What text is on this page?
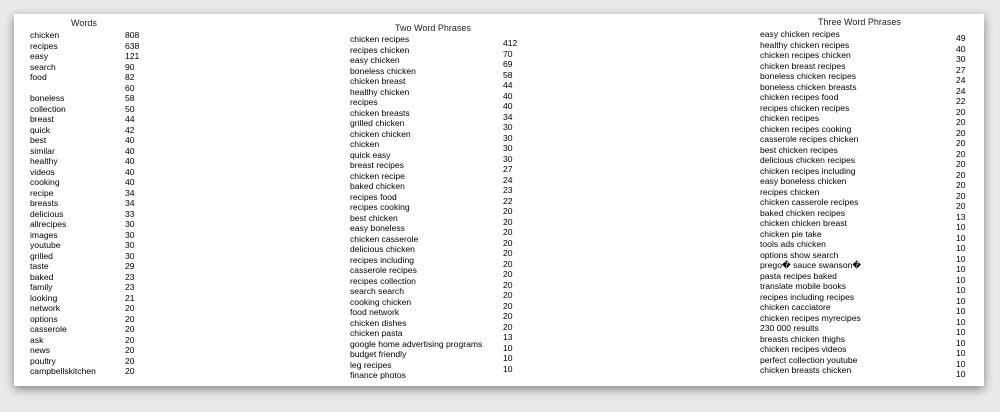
Words
chicken
recipes
easy
search
food
boneless
collection
breast
quick
best
similar
healthy
videos
cooking
recipe
breasts
delicious
allrecipes
images
youtube
grilled
taste
baked
family
looking
network
options
casserole
ask
news
poultry
campbellskitchen
808
638
121
90
82
60
58
50
44
42
40
40
40
40
40
34
34
33
30
30
30
30
29
23
23
21
20
20
20
20
20
20
20
Two Word Phrases
chicken recipes
recipes chicken
easy chicken
boneless chicken
chicken breast
healthy chicken
recipes
chicken breasts
grilled chicken
chicken chicken
chicken
quick easy
breast recipes
chicken recipe
baked chicken
recipes food
recipes cooking
best chicken
easy boneless
chicken casserole
delicious chicken
recipes including
casserole recipes
recipes collection
search search
cooking chicken
food network
chicken dishes
chicken pasta
google home advertising programs
budget friendly
leg recipes
finance photos
412
70
69
58
44
40
40
34
30
30
30
30
27
24
23
22
20
20
20
20
20
20
20
20
20
20
20
20
13
10
10
10
Three Word Phrases
easy chicken recipes
healthy chicken recipes
chicken recipes chicken
chicken breast recipes
boneless chicken recipes
boneless chicken breasts
chicken recipes food
recipes chicken recipes
chicken recipes
chicken recipes cooking
casserole recipes chicken
best chicken recipes
delicious chicken recipes
chicken recipes including
easy boneless chicken
recipes chicken
chicken casserole recipes
baked chicken recipes
chicken chicken breast
chicken pie take
tools ads chicken
options show search
prego� sauce swanson�
pasta recipes baked
translate mobile books
recipes including recipes
chicken cacciatore
chicken recipes myrecipes
230 000 results
breasts chicken thighs
chicken recipes videos
perfect collection youtube
chicken breasts chicken
49
40
30
27
24
24
22
20
20
20
20
20
20
20
20
20
20
13
10
10
10
10
10
10
10
10
10
10
10
10
10
10
10
